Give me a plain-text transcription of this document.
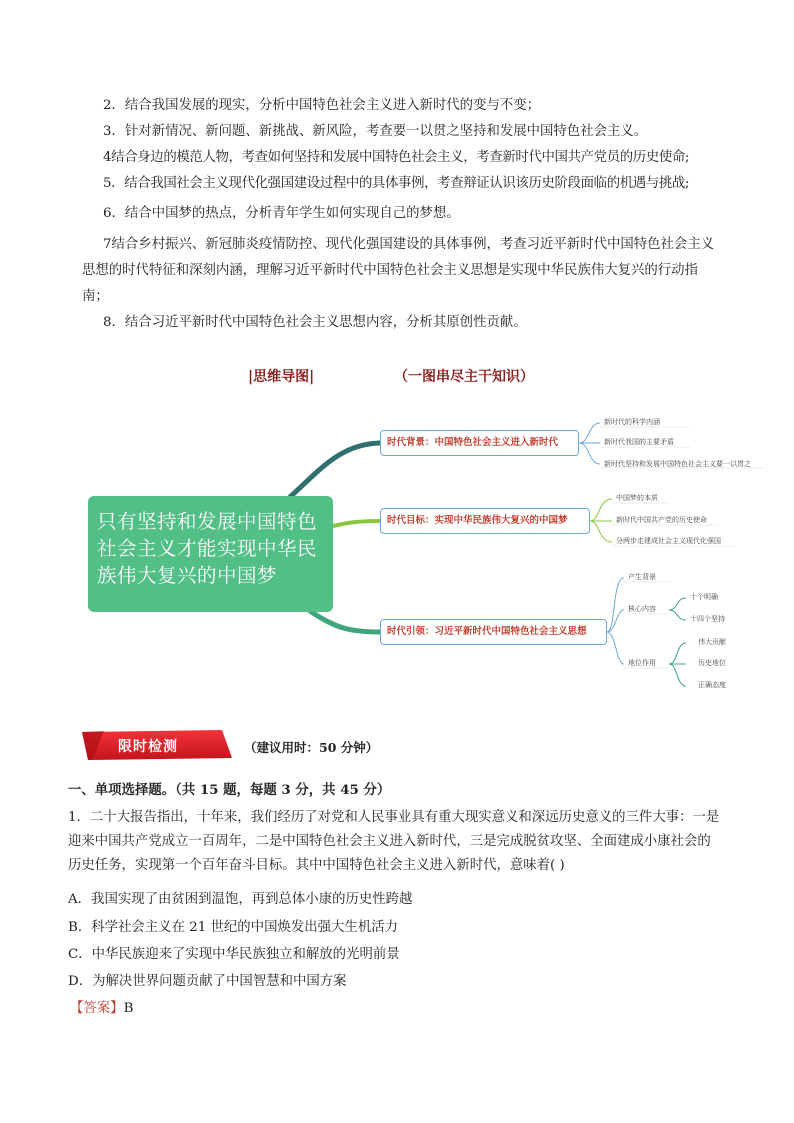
2．结合我国发展的现实，分析中国特色社会主义进入新时代的变与不变；
3．针对新情况、新问题、新挑战、新风险，考查要一以贯之坚持和发展中国特色社会主义。
4结合身边的模范人物，考查如何坚持和发展中国特色社会主义，考查新时代中国共产党员的历史使命;
5．结合我国社会主义现代化强国建设过程中的具体事例，考查辩证认识该历史阶段面临的机遇与挑战;
6．结合中国梦的热点，分析青年学生如何实现自己的梦想。
7结合乡村振兴、新冠肺炎疫情防控、现代化强国建设的具体事例，考查习近平新时代中国特色社会主义思想的时代特征和深刻内涵，理解习近平新时代中国特色社会主义思想是实现中华民族伟大复兴的行动指南；
8．结合习近平新时代中国特色社会主义思想内容，分析其原创性贡献。
|思维导图|	（一图串尽主干知识）
只有坚持和发展中国特色社会主义才能实现中华民族伟大复兴的中国梦
时代背景：中国特色社会主义进入新时代
时代目标：实现中华民族伟大复兴的中国梦
时代引领：习近平新时代中国特色社会主义思想
新时代的科学内涵
新时代我国的主要矛盾
新时代坚持和发展中国特色社会主义要一以贯之
中国梦的本质
新时代中国共产党的历史使命
分两步走建成社会主义现代化强国
产生背景
核心内容
地位作用
十个明确
十四个坚持
伟大贡献
历史地位
正确态度
限时检测	（建议用时：50 分钟）
一、单项选择题。（共 15 题，每题 3 分，共 45 分）
1．二十大报告指出，十年来，我们经历了对党和人民事业具有重大现实意义和深远历史意义的三件大事：一是迎来中国共产党成立一百周年，二是中国特色社会主义进入新时代，三是完成脱贫攻坚、全面建成小康社会的历史任务，实现第一个百年奋斗目标。其中中国特色社会主义进入新时代，意味着( )
A．我国实现了由贫困到温饱，再到总体小康的历史性跨越
B．科学社会主义在 21 世纪的中国焕发出强大生机活力
C．中华民族迎来了实现中华民族独立和解放的光明前景
D．为解决世界问题贡献了中国智慧和中国方案
【答案】B
